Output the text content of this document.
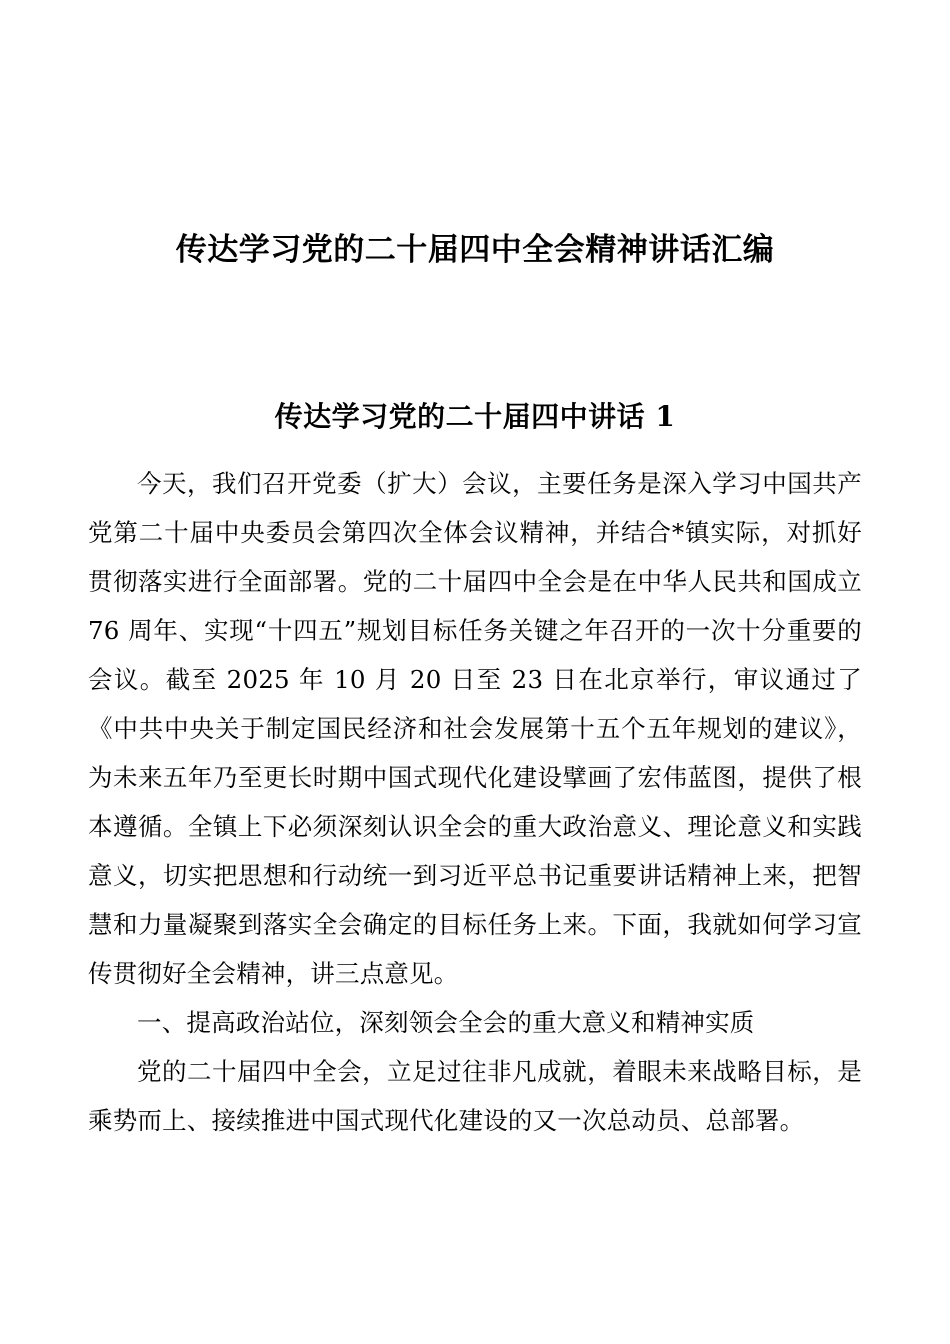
传达学习党的二十届四中全会精神讲话汇编
传达学习党的二十届四中讲话 1

今天，我们召开党委（扩大）会议，主要任务是深入学习中国共产党第二十届中央委员会第四次全体会议精神，并结合*镇实际，对抓好贯彻落实进行全面部署。党的二十届四中全会是在中华人民共和国成立 76 周年、实现“十四五”规划目标任务关键之年召开的一次十分重要的会议。截至 2025 年 10 月 20 日至 23 日在北京举行，审议通过了《中共中央关于制定国民经济和社会发展第十五个五年规划的建议》，为未来五年乃至更长时期中国式现代化建设擘画了宏伟蓝图，提供了根本遵循。全镇上下必须深刻认识全会的重大政治意义、理论意义和实践意义，切实把思想和行动统一到习近平总书记重要讲话精神上来，把智慧和力量凝聚到落实全会确定的目标任务上来。下面，我就如何学习宣传贯彻好全会精神，讲三点意见。

一、提高政治站位，深刻领会全会的重大意义和精神实质

党的二十届四中全会，立足过往非凡成就，着眼未来战略目标，是乘势而上、接续推进中国式现代化建设的又一次总动员、总部署。
